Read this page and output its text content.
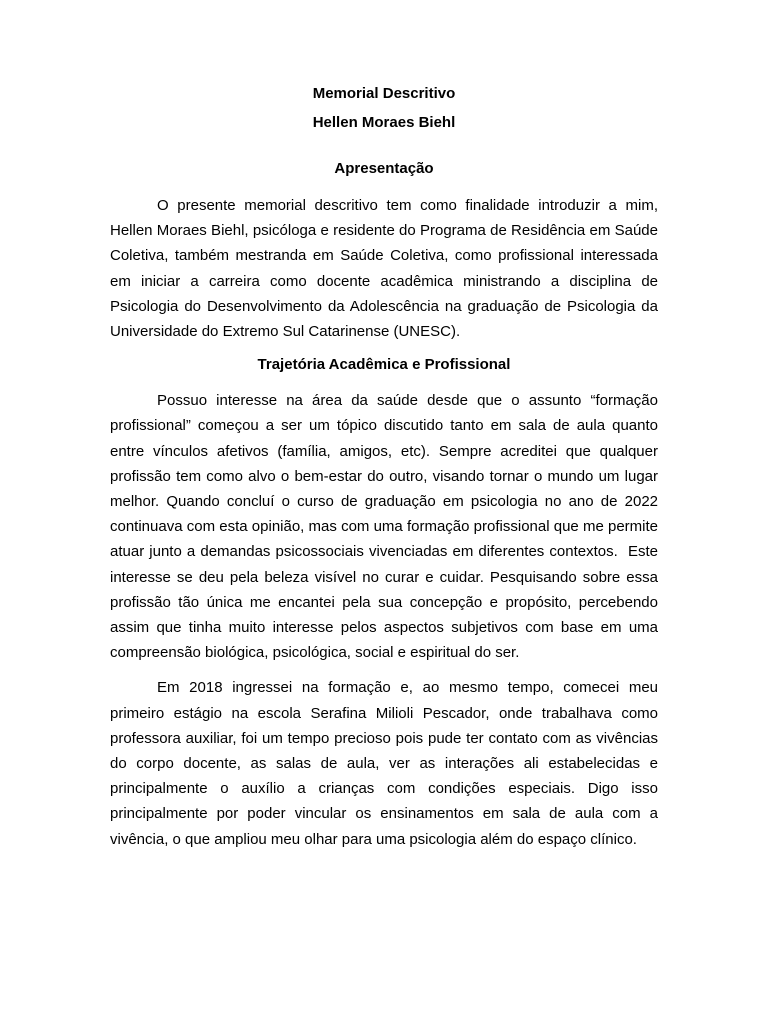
Memorial Descritivo
Hellen Moraes Biehl
Apresentação

O presente memorial descritivo tem como finalidade introduzir a mim, Hellen Moraes Biehl, psicóloga e residente do Programa de Residência em Saúde Coletiva, também mestranda em Saúde Coletiva, como profissional interessada em iniciar a carreira como docente acadêmica ministrando a disciplina de Psicologia do Desenvolvimento da Adolescência na graduação de Psicologia da Universidade do Extremo Sul Catarinense (UNESC).

Trajetória Acadêmica e Profissional

Possuo interesse na área da saúde desde que o assunto “formação profissional” começou a ser um tópico discutido tanto em sala de aula quanto entre vínculos afetivos (família, amigos, etc). Sempre acreditei que qualquer profissão tem como alvo o bem-estar do outro, visando tornar o mundo um lugar melhor. Quando concluí o curso de graduação em psicologia no ano de 2022 continuava com esta opinião, mas com uma formação profissional que me permite atuar junto a demandas psicossociais vivenciadas em diferentes contextos.  Este interesse se deu pela beleza visível no curar e cuidar. Pesquisando sobre essa profissão tão única me encantei pela sua concepção e propósito, percebendo assim que tinha muito interesse pelos aspectos subjetivos com base em uma compreensão biológica, psicológica, social e espiritual do ser.

Em 2018 ingressei na formação e, ao mesmo tempo, comecei meu primeiro estágio na escola Serafina Milioli Pescador, onde trabalhava como professora auxiliar, foi um tempo precioso pois pude ter contato com as vivências do corpo docente, as salas de aula, ver as interações ali estabelecidas e principalmente o auxílio a crianças com condições especiais. Digo isso principalmente por poder vincular os ensinamentos em sala de aula com a vivência, o que ampliou meu olhar para uma psicologia além do espaço clínico.
